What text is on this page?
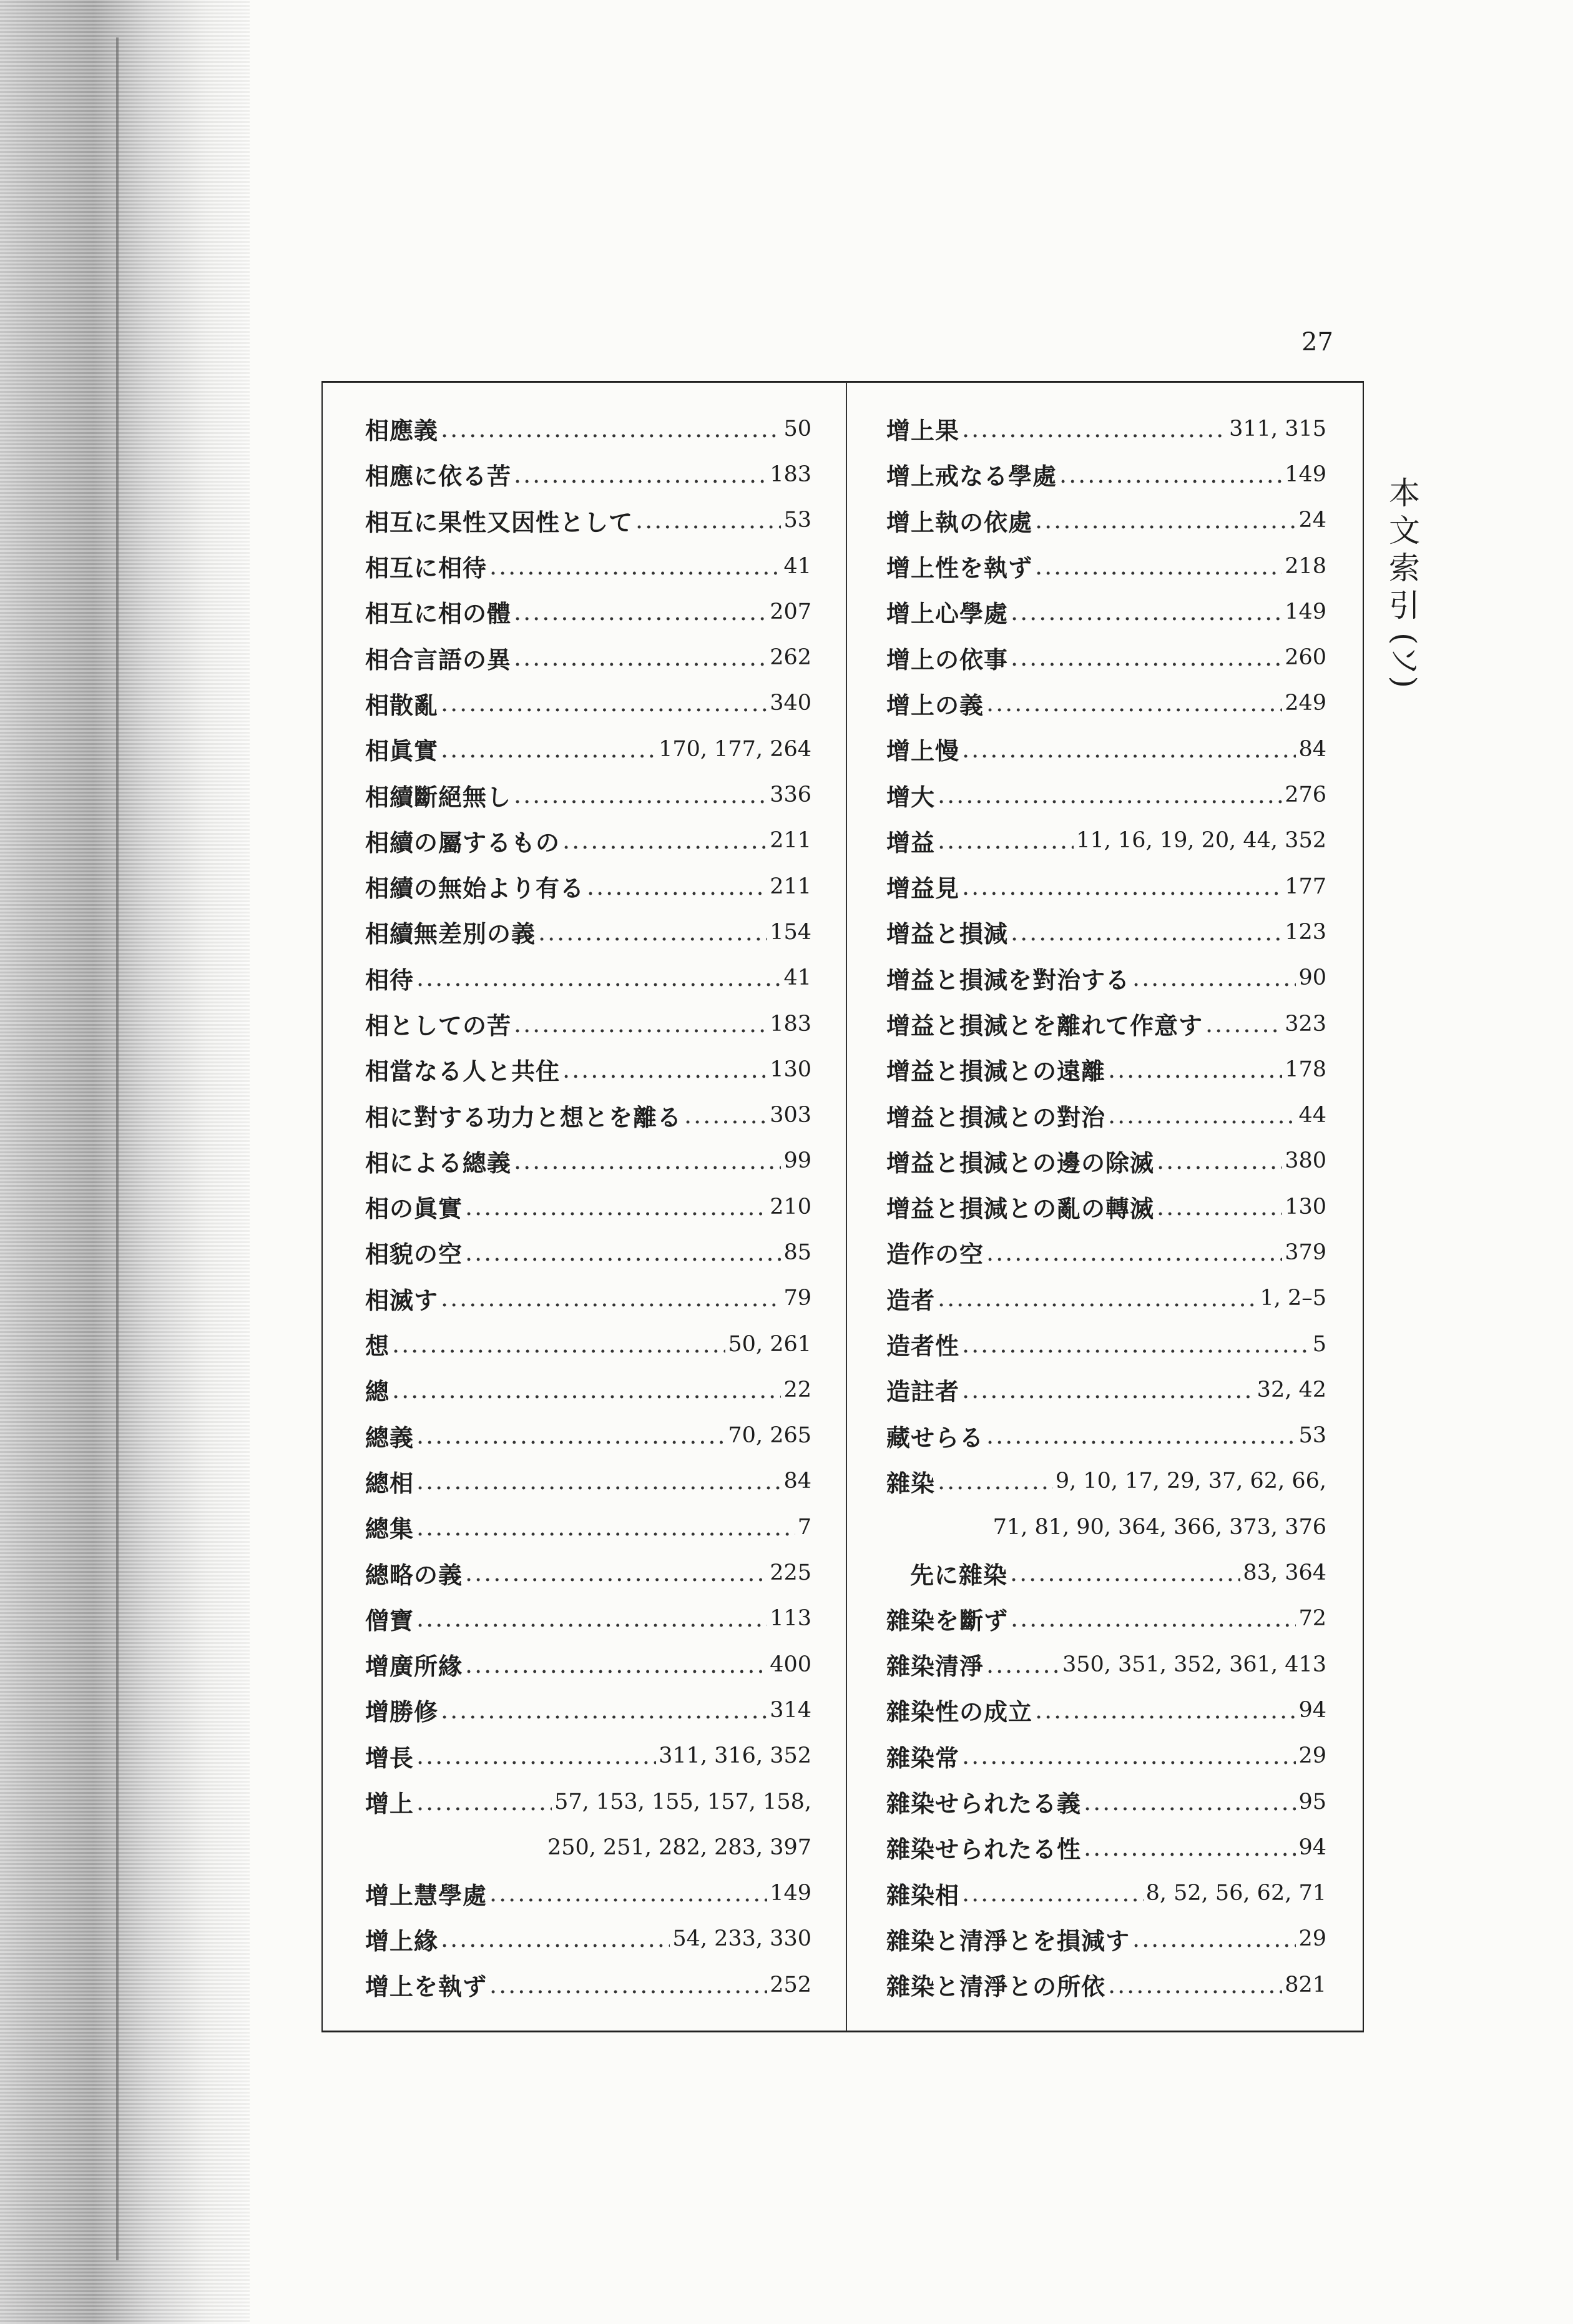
27
本
文
索
引
(ソ)
相應義 .....	50
相應に依る苦 .....	183
相互に果性又因性として .....	53
相互に相待 .....	41
相互に相の體 .....	207
相合言語の異 .....	262
相散亂 .....	340
相眞實 .....	170, 177, 264
相續斷絕無し .....	336
相續の屬するもの .....	211
相續の無始より有る .....	211
相續無差別の義 .....	154
相待 .....	41
相としての苦 .....	183
相當なる人と共住 .....	130
相に對する功力と想とを離る .....	303
相による總義 .....	99
相の眞實 .....	210
相貌の空 .....	85
相滅す .....	79
想 .....	50, 261
總 .....	22
總義 .....	70, 265
總相 .....	84
總集 .....	7
總略の義 .....	225
僧寶 .....	113
增廣所緣 .....	400
增勝修 .....	314
增長 .....	311, 316, 352
增上 .....	57, 153, 155, 157, 158,
250, 251, 282, 283, 397
增上慧學處 .....	149
增上緣 .....	54, 233, 330
增上を執ず .....	252
增上果 .....	311, 315
增上戒なる學處 .....	149
增上執の依處 .....	24
增上性を執ず .....	218
增上心學處 .....	149
增上の依事 .....	260
增上の義 .....	249
增上慢 .....	84
增大 .....	276
增益 .....	11, 16, 19, 20, 44, 352
增益見 .....	177
增益と損減 .....	123
增益と損減を對治する .....	90
增益と損減とを離れて作意す .....	323
增益と損減との遠離 .....	178
增益と損減との對治 .....	44
增益と損減との邊の除滅 .....	380
增益と損減との亂の轉滅 .....	130
造作の空 .....	379
造者 .....	1, 2–5
造者性 .....	5
造註者 .....	32, 42
藏せらる .....	53
雜染 .....	9, 10, 17, 29, 37, 62, 66,
71, 81, 90, 364, 366, 373, 376
先に雜染 .....	83, 364
雜染を斷ず .....	72
雜染清淨 .....	350, 351, 352, 361, 413
雜染性の成立 .....	94
雜染常 .....	29
雜染せられたる義 .....	95
雜染せられたる性 .....	94
雜染相 .....	8, 52, 56, 62, 71
雜染と清淨とを損減す .....	29
雜染と清淨との所依 .....	821
